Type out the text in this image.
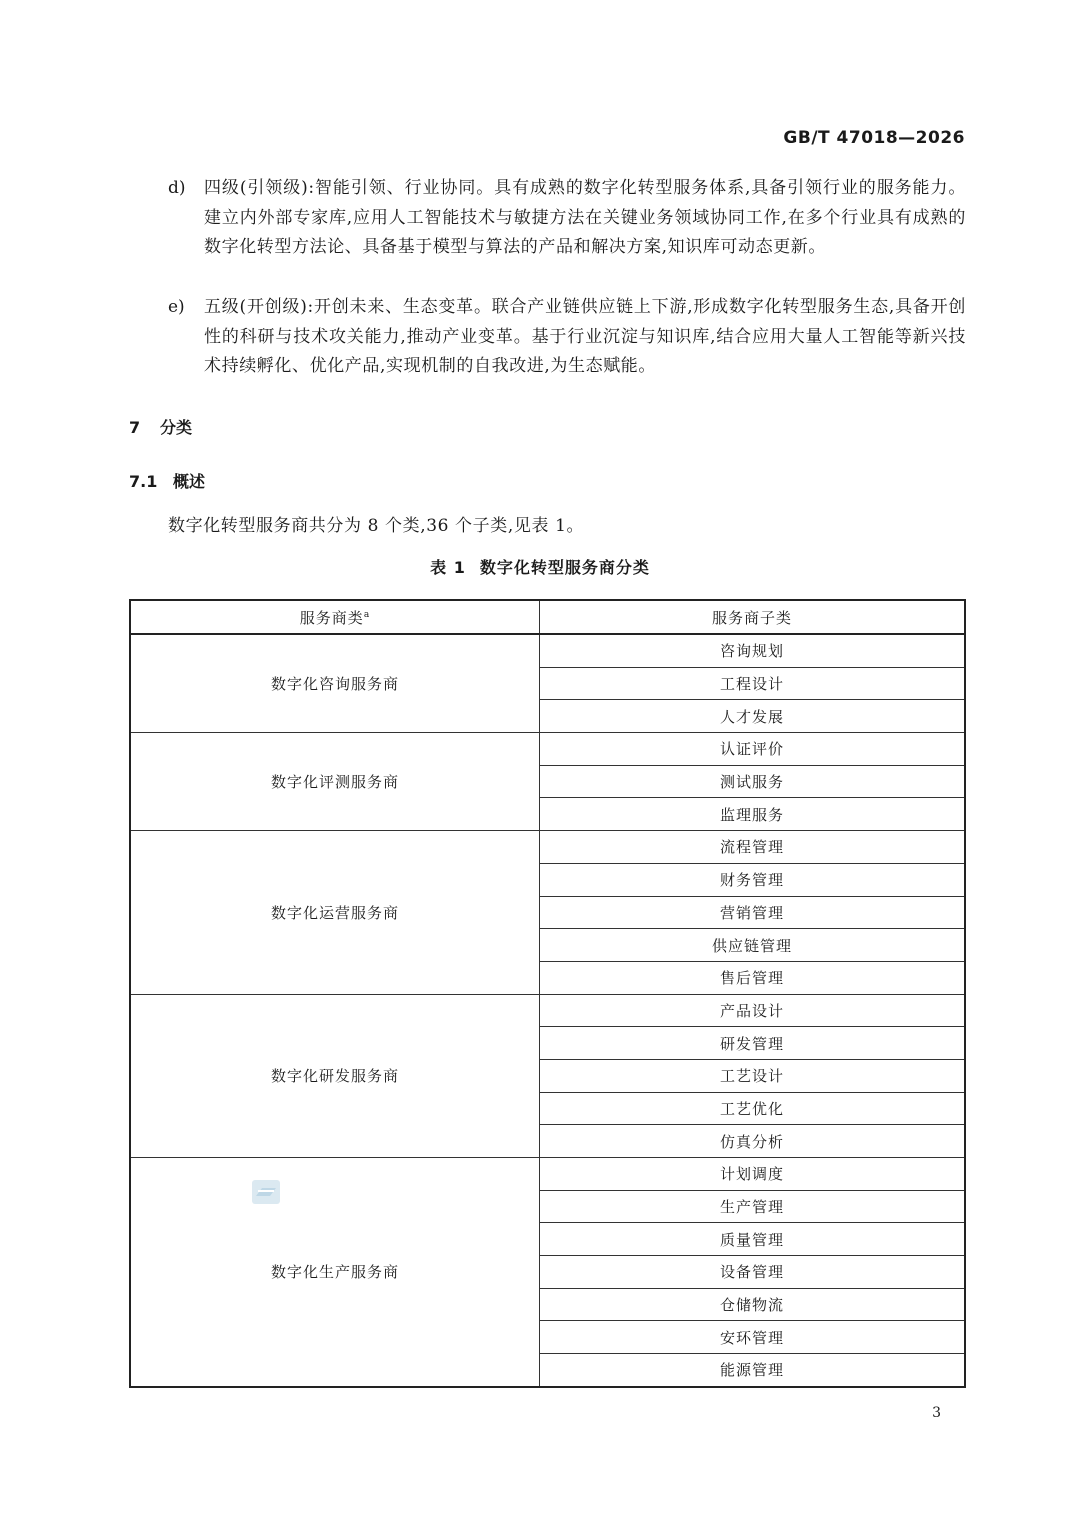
GB/T 47018—2026
d)	四级(引领级):智能引领、行业协同。具有成熟的数字化转型服务体系,具备引领行业的服务能力。建立内外部专家库,应用人工智能技术与敏捷方法在关键业务领域协同工作,在多个行业具有成熟的数字化转型方法论、具备基于模型与算法的产品和解决方案,知识库可动态更新。
e)	五级(开创级):开创未来、生态变革。联合产业链供应链上下游,形成数字化转型服务生态,具备开创性的科研与技术攻关能力,推动产业变革。基于行业沉淀与知识库,结合应用大量人工智能等新兴技术持续孵化、优化产品,实现机制的自我改进,为生态赋能。
7 分类
7.1 概述
数字化转型服务商共分为 8 个类,36 个子类,见表 1。
表 1 数字化转型服务商分类
服务商类$^a$	服务商子类
数字化咨询服务商	咨询规划
	工程设计
	人才发展
数字化评测服务商	认证评价
	测试服务
	监理服务
数字化运营服务商	流程管理
	财务管理
	营销管理
	供应链管理
	售后管理
数字化研发服务商	产品设计
	研发管理
	工艺设计
	工艺优化
	仿真分析
数字化生产服务商	计划调度
	生产管理
	质量管理
	设备管理
	仓储物流
	安环管理
	能源管理
3
